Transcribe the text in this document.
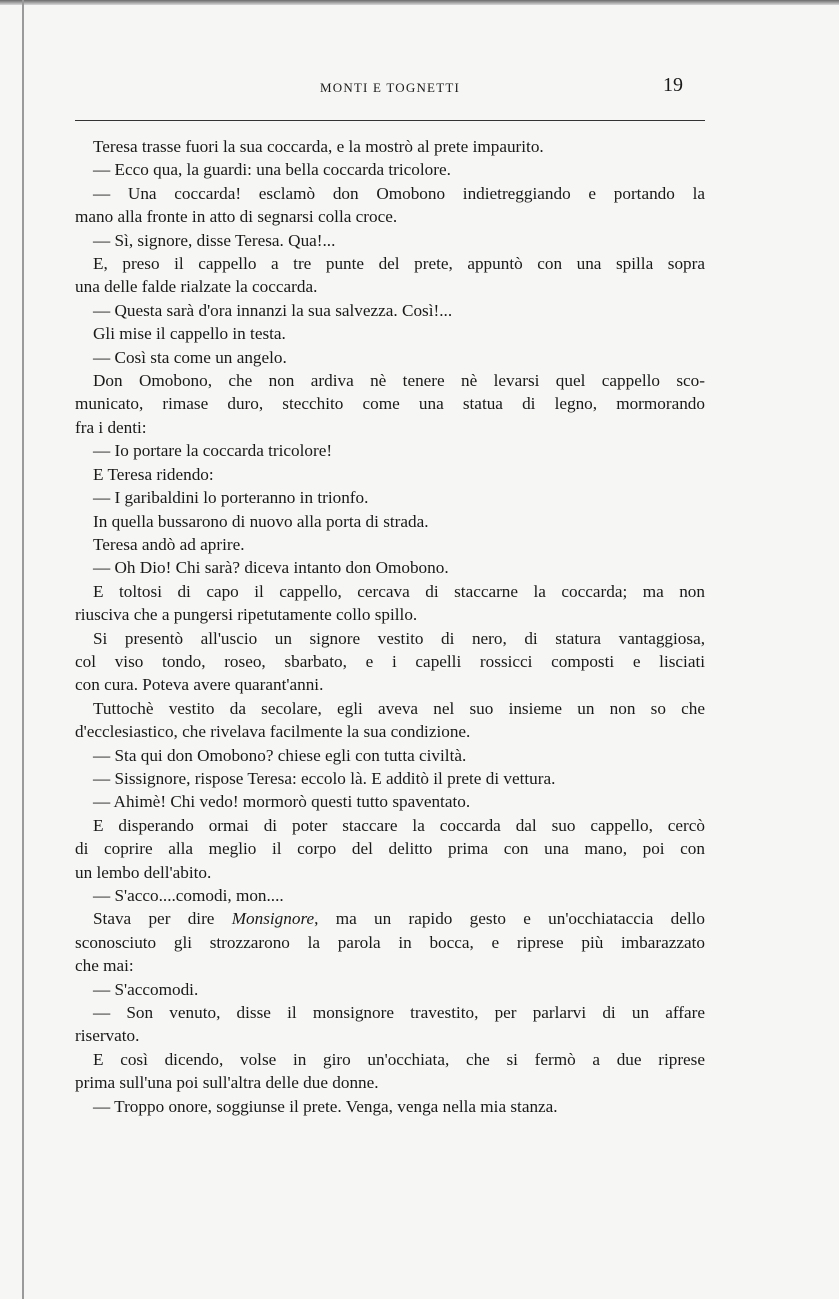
MONTI E TOGNETTI	19
Teresa trasse fuori la sua coccarda, e la mostrò al prete impaurito.
— Ecco qua, la guardi: una bella coccarda tricolore.
— Una coccarda! esclamò don Omobono indietreggiando e portando la
mano alla fronte in atto di segnarsi colla croce.
— Sì, signore, disse Teresa. Qua!...
E, preso il cappello a tre punte del prete, appuntò con una spilla sopra
una delle falde rialzate la coccarda.
— Questa sarà d'ora innanzi la sua salvezza. Così!...
Gli mise il cappello in testa.
— Così sta come un angelo.
Don Omobono, che non ardiva nè tenere nè levarsi quel cappello sco-
municato, rimase duro, stecchito come una statua di legno, mormorando
fra i denti:
— Io portare la coccarda tricolore!
E Teresa ridendo:
— I garibaldini lo porteranno in trionfo.
In quella bussarono di nuovo alla porta di strada.
Teresa andò ad aprire.
— Oh Dio! Chi sarà? diceva intanto don Omobono.
E toltosi di capo il cappello, cercava di staccarne la coccarda; ma non
riusciva che a pungersi ripetutamente collo spillo.
Si presentò all'uscio un signore vestito di nero, di statura vantaggiosa,
col viso tondo, roseo, sbarbato, e i capelli rossicci composti e lisciati
con cura. Poteva avere quarant'anni.
Tuttochè vestito da secolare, egli aveva nel suo insieme un non so che
d'ecclesiastico, che rivelava facilmente la sua condizione.
— Sta qui don Omobono? chiese egli con tutta civiltà.
— Sissignore, rispose Teresa: eccolo là. E additò il prete di vettura.
— Ahimè! Chi vedo! mormorò questi tutto spaventato.
E disperando ormai di poter staccare la coccarda dal suo cappello, cercò
di coprire alla meglio il corpo del delitto prima con una mano, poi con
un lembo dell'abito.
— S'acco....comodi, mon....
Stava per dire Monsignore, ma un rapido gesto e un'occhiataccia dello
sconosciuto gli strozzarono la parola in bocca, e riprese più imbarazzato
che mai:
— S'accomodi.
— Son venuto, disse il monsignore travestito, per parlarvi di un affare
riservato.
E così dicendo, volse in giro un'occhiata, che si fermò a due riprese
prima sull'una poi sull'altra delle due donne.
— Troppo onore, soggiunse il prete. Venga, venga nella mia stanza.
